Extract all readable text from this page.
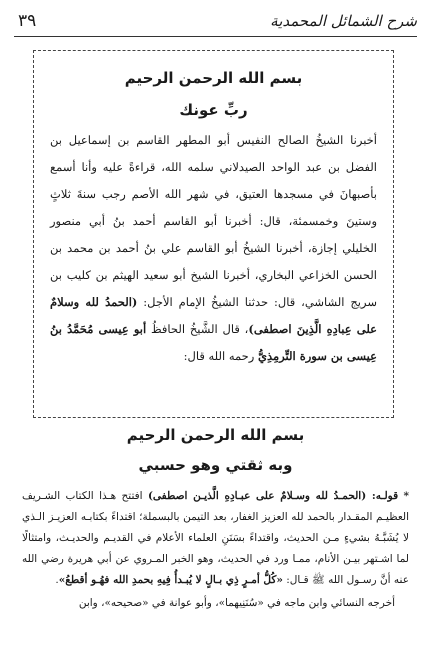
شرح الشمائل المحمدية
٣٩

بسم الله الرحمن الرحيم

ربِّ عونك

أخبرنا الشيخُ الصالح النفيس أبو المطهر القاسم بن إسماعيل بن الفضل بن عبد الواحد الصيدلاني سلمه الله، قراءةً عليه وأنا أسمع بأصبهانَ في مسجدها العتيق، في شهر الله الأصم رجب سنةَ ثلاثٍ وستينَ وخمسمئة، قال: أخبرنا أبو القاسم أحمد بنُ أبي منصور الخليلي إجازة، أخبرنا الشيخُ أبو القاسم علي بنُ أحمد بن محمد بن الحسن الخزاعي البخاري، أخبرنا الشيخ أبو سعيد الهيثم بن كليب بن سريج الشاشي، قال: حدثنا الشيخُ الإمام الأجل: (الحمدُ لله وسلامٌ على عِبادِهِ الَّذِينَ اصطفى)، قال الشَّيخُ الحافظُ أبو عِيسى مُحَمَّدُ بنُ عِيسى بن سورة التِّرمِذِيُّ رحمه الله قال:

بسم الله الرحمن الرحيم

وبه ثقتي وهو حسبي

* قولـه: (الحمـدُ لله وسـلامٌ على عبـادِهِ الَّذيـن اصطفى) افتتح هـذا الكتاب الشـريف العظيـم المقـدار بالحمد لله العزيز الغفار، بعد التيمن بالبسملة؛ اقتداءً بكتابـه العزيـز الـذي لا يُشَبَّـهُ بشيءٍ مـن الحديث، واقتداءً بسَنَنِ العلماء الأعلام في القديـم والحديـث، وامتثالًا لما اشـتهر بيـن الأنام، ممـا ورد في الحديث، وهو الخبر المـروي عن أبي هريرة رضي الله عنه أنَّ رسـول الله ﷺ قـال: «كُلُّ أمـرٍ ذِي بـالٍ لا يُبـدأُ فِيهِ بحمدِ الله فهُـو أقطعُ».

أخرجه النسائي وابن ماجه في «سُنَنِيهما»، وأبو عوانة في «صحيحه»، وابن
